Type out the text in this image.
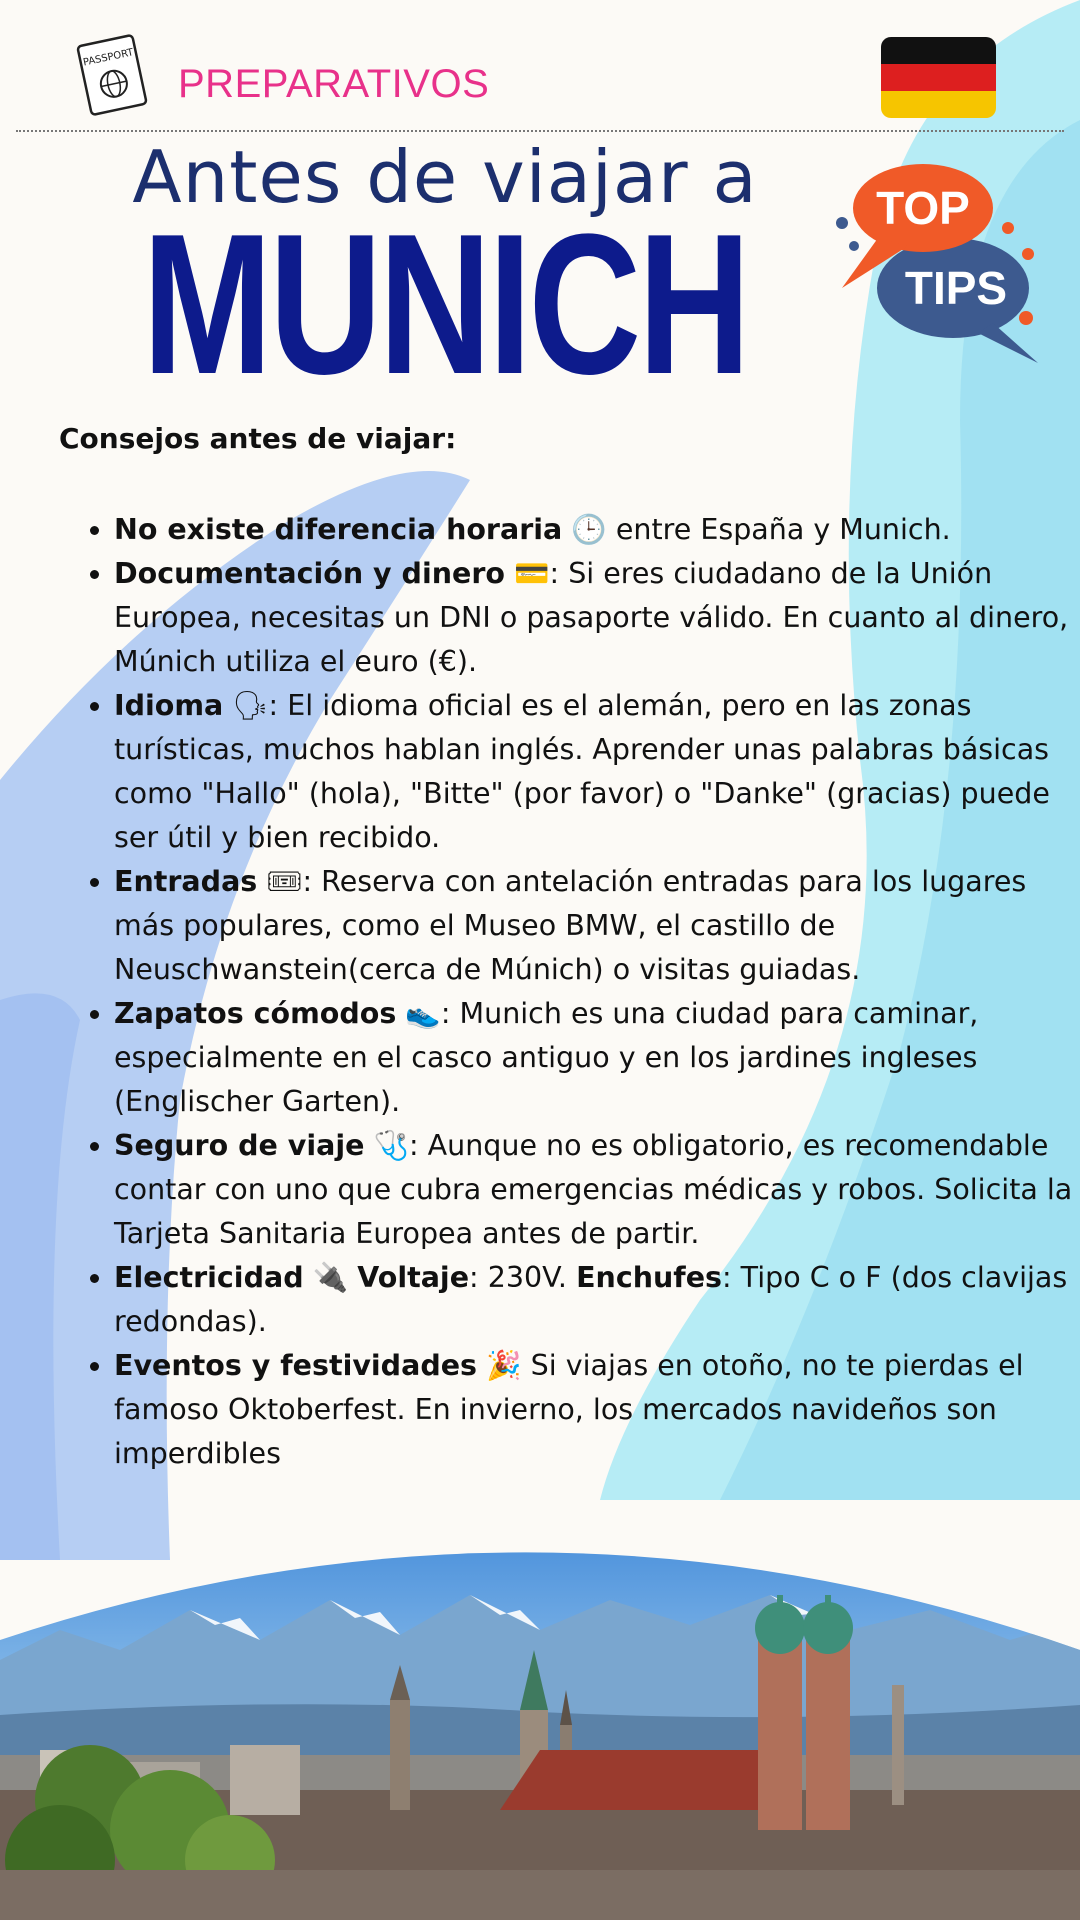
PASSPORT
PREPARATIVOS
Antes de viajar a
MUNICH	TOP
TIPS
Consejos antes de viajar:
• No existe diferencia horaria 🕒 entre España y Munich.
• Documentación y dinero 💳: Si eres ciudadano de la Unión Europea, necesitas un DNI o pasaporte válido. En cuanto al dinero, Múnich utiliza el euro (€).
• Idioma 🗣: El idioma oficial es el alemán, pero en las zonas turísticas, muchos hablan inglés. Aprender unas palabras básicas como "Hallo" (hola), "Bitte" (por favor) o "Danke" (gracias) puede ser útil y bien recibido.
• Entradas 🎟: Reserva con antelación entradas para los lugares más populares, como el Museo BMW, el castillo de Neuschwanstein(cerca de Múnich) o visitas guiadas.
• Zapatos cómodos 👟: Munich es una ciudad para caminar, especialmente en el casco antiguo y en los jardines ingleses (Englischer Garten).
• Seguro de viaje 🩺: Aunque no es obligatorio, es recomendable contar con uno que cubra emergencias médicas y robos. Solicita la Tarjeta Sanitaria Europea antes de partir.
• Electricidad 🔌 Voltaje: 230V. Enchufes: Tipo C o F (dos clavijas redondas).
• Eventos y festividades 🎉 Si viajas en otoño, no te pierdas el famoso Oktoberfest. En invierno, los mercados navideños son imperdibles
